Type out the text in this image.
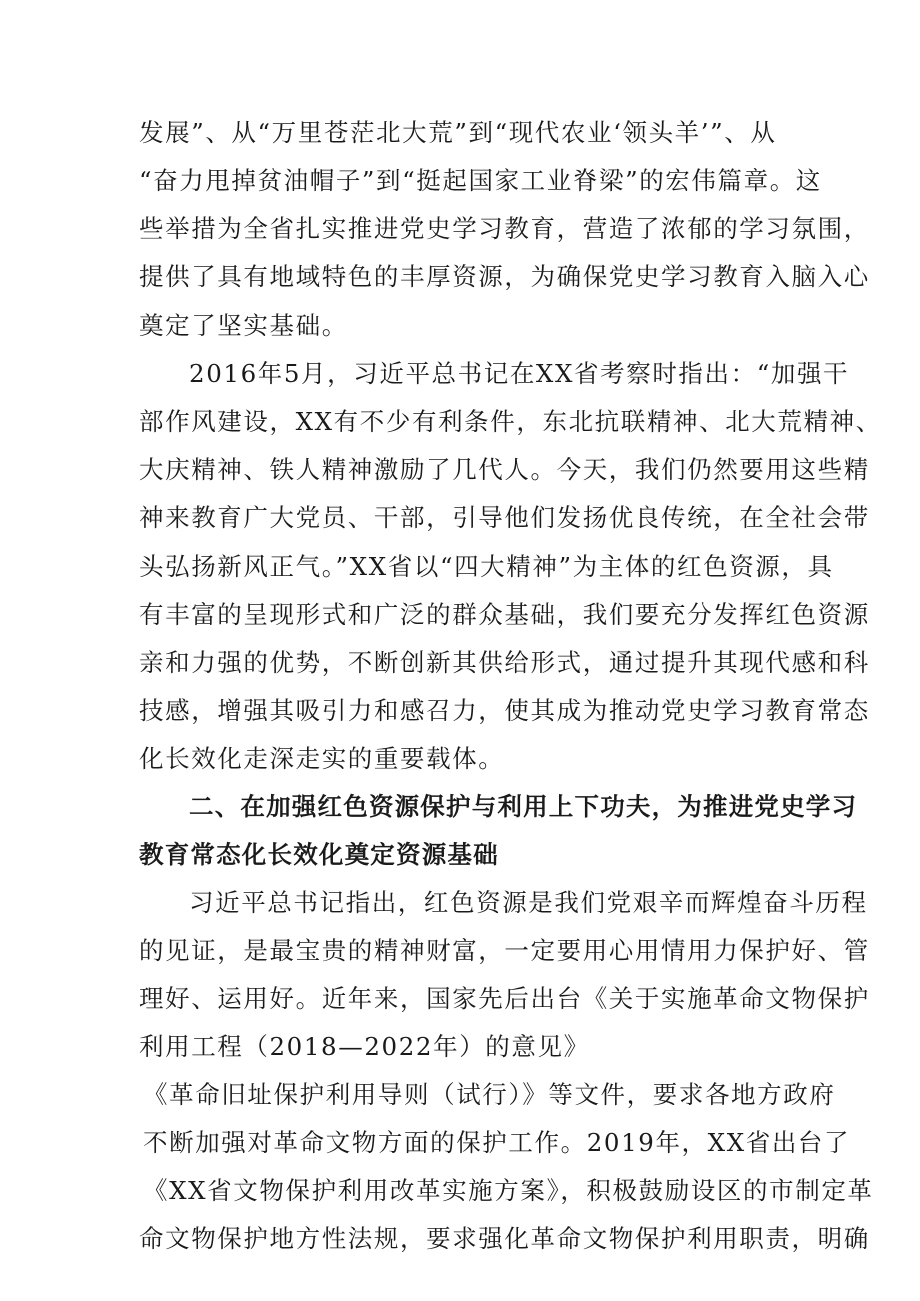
发展”、从“万里苍茫北大荒”到“现代农业‘领头羊’”、从
“奋力甩掉贫油帽子”到“挺起国家工业脊梁”的宏伟篇章。这
些举措为全省扎实推进党史学习教育，营造了浓郁的学习氛围，
提供了具有地域特色的丰厚资源，为确保党史学习教育入脑入心
奠定了坚实基础。
2016年5月，习近平总书记在XX省考察时指出：“加强干
部作风建设，XX有不少有利条件，东北抗联精神、北大荒精神、
大庆精神、铁人精神激励了几代人。今天，我们仍然要用这些精
神来教育广大党员、干部，引导他们发扬优良传统，在全社会带
头弘扬新风正气。”XX省以“四大精神”为主体的红色资源，具
有丰富的呈现形式和广泛的群众基础，我们要充分发挥红色资源
亲和力强的优势，不断创新其供给形式，通过提升其现代感和科
技感，增强其吸引力和感召力，使其成为推动党史学习教育常态
化长效化走深走实的重要载体。
二、在加强红色资源保护与利用上下功夫，为推进党史学习
教育常态化长效化奠定资源基础
习近平总书记指出，红色资源是我们党艰辛而辉煌奋斗历程
的见证，是最宝贵的精神财富，一定要用心用情用力保护好、管
理好、运用好。近年来，国家先后出台《关于实施革命文物保护
利用工程（2018—2022年）的意见》
《革命旧址保护利用导则（试行）》等文件，要求各地方政府
不断加强对革命文物方面的保护工作。2019年，XX省出台了
《XX省文物保护利用改革实施方案》，积极鼓励设区的市制定革
命文物保护地方性法规，要求强化革命文物保护利用职责，明确
